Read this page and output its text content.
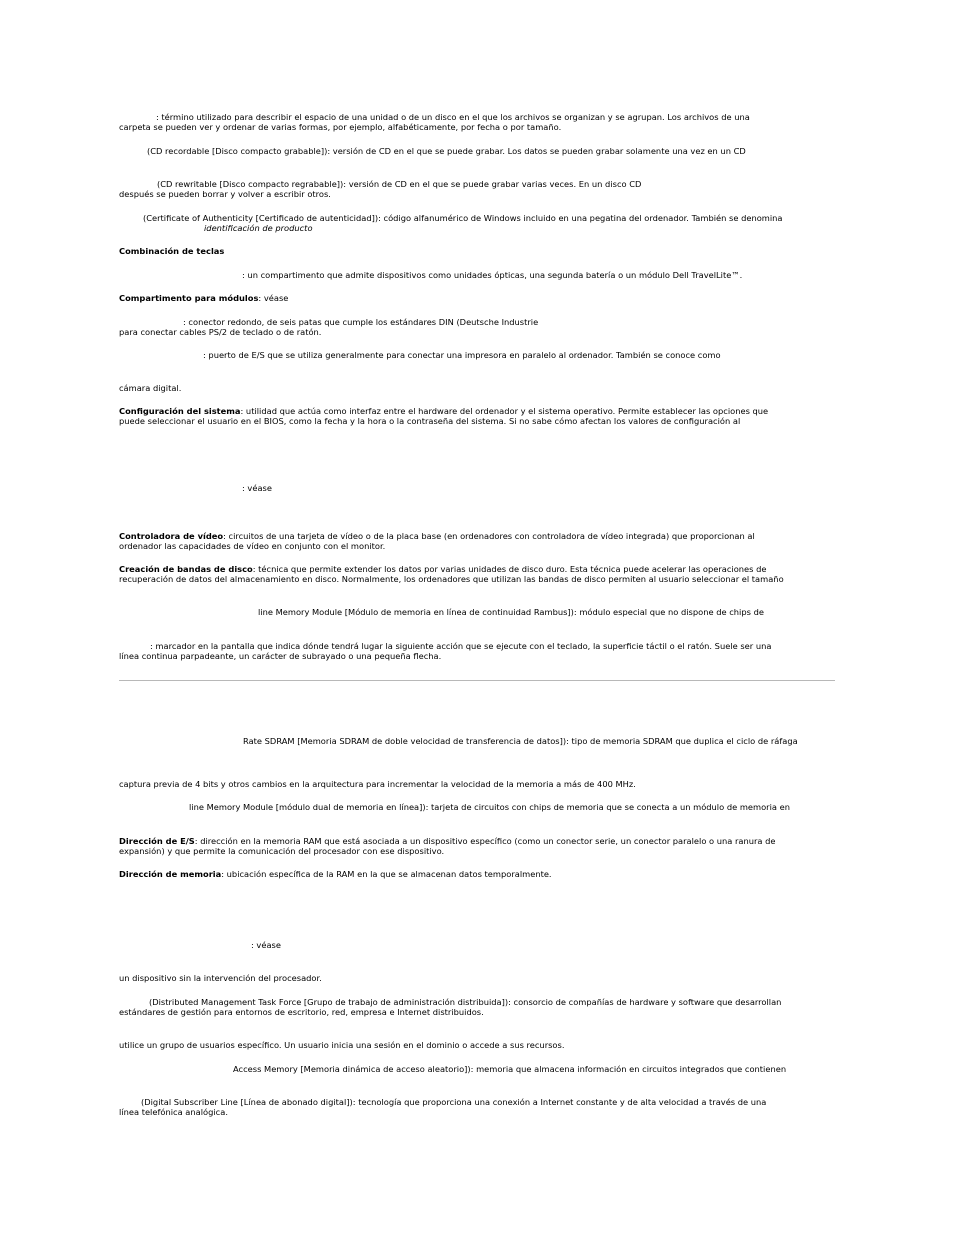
: término utilizado para describir el espacio de una unidad o de un disco en el que los archivos se organizan y se agrupan. Los archivos de una
carpeta se pueden ver y ordenar de varias formas, por ejemplo, alfabéticamente, por fecha o por tamaño.
(CD recordable [Disco compacto grabable]): versión de CD en el que se puede grabar. Los datos se pueden grabar solamente una vez en un CD
(CD rewritable [Disco compacto regrabable]): versión de CD en el que se puede grabar varias veces. En un disco CD
después se pueden borrar y volver a escribir otros.
(Certificate of Authenticity [Certificado de autenticidad]): código alfanumérico de Windows incluido en una pegatina del ordenador. También se denomina
identificación de producto
Combinación de teclas
: un compartimento que admite dispositivos como unidades ópticas, una segunda batería o un módulo Dell TravelLite™.
Compartimento para módulos: véase
: conector redondo, de seis patas que cumple los estándares DIN (Deutsche Industrie
para conectar cables PS/2 de teclado o de ratón.
: puerto de E/S que se utiliza generalmente para conectar una impresora en paralelo al ordenador. También se conoce como
cámara digital.
Configuración del sistema: utilidad que actúa como interfaz entre el hardware del ordenador y el sistema operativo. Permite establecer las opciones que
puede seleccionar el usuario en el BIOS, como la fecha y la hora o la contraseña del sistema. Si no sabe cómo afectan los valores de configuración al
: véase
Controladora de vídeo: circuitos de una tarjeta de vídeo o de la placa base (en ordenadores con controladora de vídeo integrada) que proporcionan al
ordenador las capacidades de vídeo en conjunto con el monitor.
Creación de bandas de disco: técnica que permite extender los datos por varias unidades de disco duro. Esta técnica puede acelerar las operaciones de
recuperación de datos del almacenamiento en disco. Normalmente, los ordenadores que utilizan las bandas de disco permiten al usuario seleccionar el tamaño
line Memory Module [Módulo de memoria en línea de continuidad Rambus]): módulo especial que no dispone de chips de
: marcador en la pantalla que indica dónde tendrá lugar la siguiente acción que se ejecute con el teclado, la superficie táctil o el ratón. Suele ser una
línea continua parpadeante, un carácter de subrayado o una pequeña flecha.
Rate SDRAM [Memoria SDRAM de doble velocidad de transferencia de datos]): tipo de memoria SDRAM que duplica el ciclo de ráfaga
captura previa de 4 bits y otros cambios en la arquitectura para incrementar la velocidad de la memoria a más de 400 MHz.
line Memory Module [módulo dual de memoria en línea]): tarjeta de circuitos con chips de memoria que se conecta a un módulo de memoria en
Dirección de E/S: dirección en la memoria RAM que está asociada a un dispositivo específico (como un conector serie, un conector paralelo o una ranura de
expansión) y que permite la comunicación del procesador con ese dispositivo.
Dirección de memoria: ubicación específica de la RAM en la que se almacenan datos temporalmente.
: véase
un dispositivo sin la intervención del procesador.
(Distributed Management Task Force [Grupo de trabajo de administración distribuida]): consorcio de compañías de hardware y software que desarrollan
estándares de gestión para entornos de escritorio, red, empresa e Internet distribuidos.
utilice un grupo de usuarios específico. Un usuario inicia una sesión en el dominio o accede a sus recursos.
Access Memory [Memoria dinámica de acceso aleatorio]): memoria que almacena información en circuitos integrados que contienen
(Digital Subscriber Line [Línea de abonado digital]): tecnología que proporciona una conexión a Internet constante y de alta velocidad a través de una
línea telefónica analógica.
